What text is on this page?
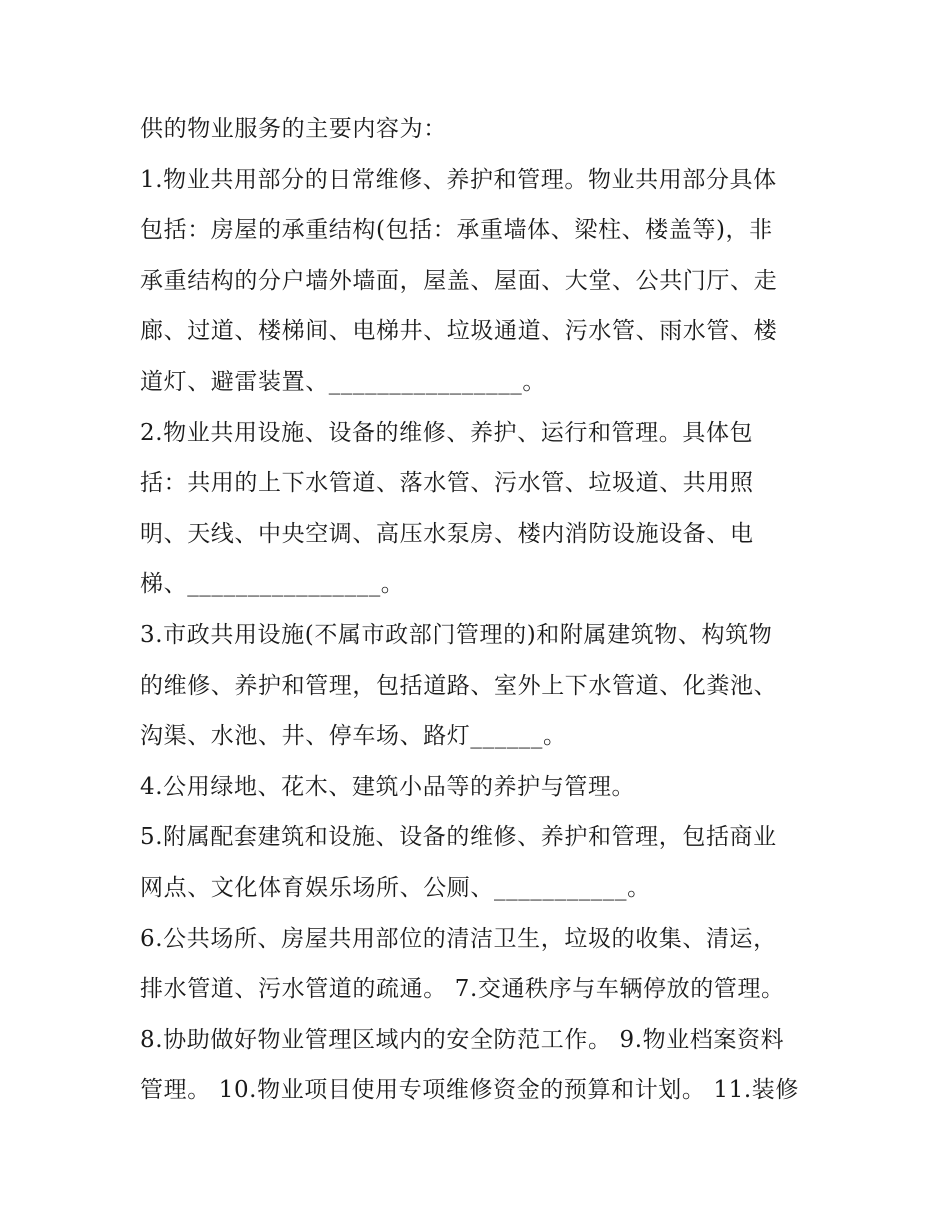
供的物业服务的主要内容为：
1.物业共用部分的日常维修、养护和管理。物业共用部分具体
包括：房屋的承重结构(包括：承重墙体、梁柱、楼盖等)，非
承重结构的分户墙外墙面，屋盖、屋面、大堂、公共门厅、走
廊、过道、楼梯间、电梯井、垃圾通道、污水管、雨水管、楼
道灯、避雷装置、________________。
2.物业共用设施、设备的维修、养护、运行和管理。具体包
括：共用的上下水管道、落水管、污水管、垃圾道、共用照
明、天线、中央空调、高压水泵房、楼内消防设施设备、电
梯、________________。
3.市政共用设施(不属市政部门管理的)和附属建筑物、构筑物
的维修、养护和管理，包括道路、室外上下水管道、化粪池、
沟渠、水池、井、停车场、路灯______。
4.公用绿地、花木、建筑小品等的养护与管理。
5.附属配套建筑和设施、设备的维修、养护和管理，包括商业
网点、文化体育娱乐场所、公厕、___________。
6.公共场所、房屋共用部位的清洁卫生，垃圾的收集、清运，
排水管道、污水管道的疏通。 7.交通秩序与车辆停放的管理。
8.协助做好物业管理区域内的安全防范工作。 9.物业档案资料
管理。 10.物业项目使用专项维修资金的预算和计划。 11.装修
